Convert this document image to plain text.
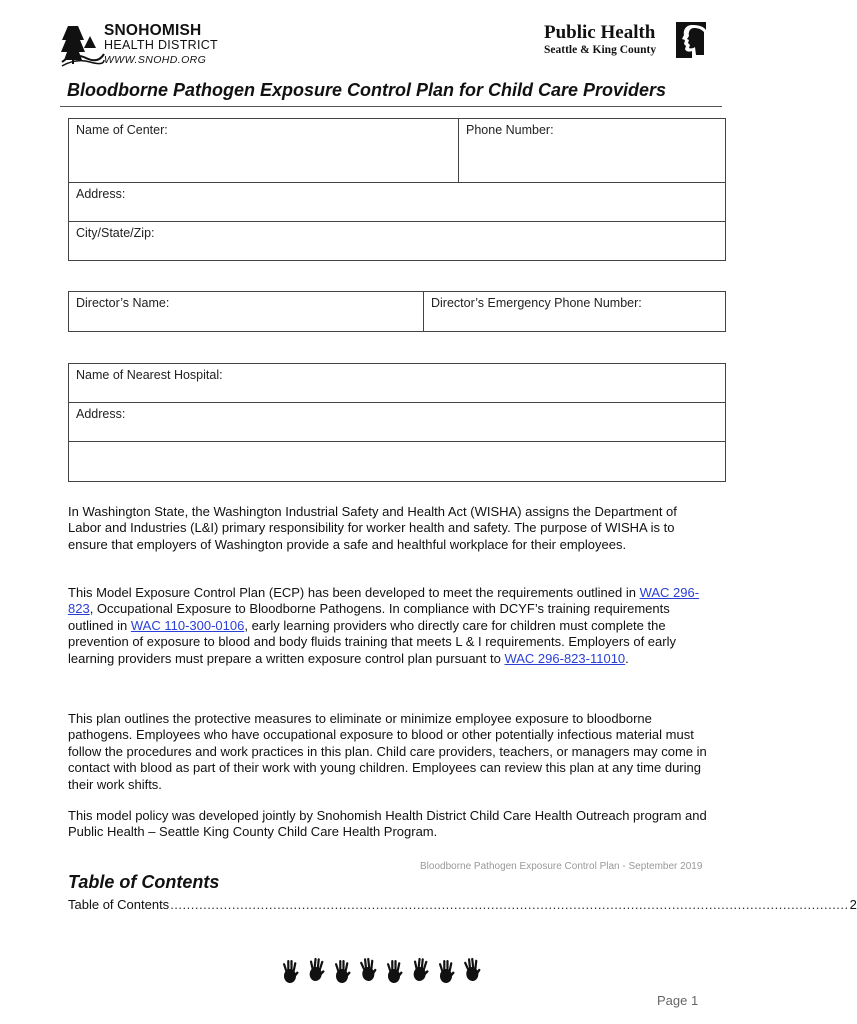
SNOHOMISH
HEALTH DISTRICT
WWW.SNOHD.ORG
Public Health
Seattle & King County
Bloodborne Pathogen Exposure Control Plan for Child Care Providers
Name of Center:	Phone Number:
Address:
City/State/Zip:
Director’s Name:	Director’s Emergency Phone Number:
Name of Nearest Hospital:
Address:

In Washington State, the Washington Industrial Safety and Health Act (WISHA) assigns the Department of Labor and Industries (L&I) primary responsibility for worker health and safety. The purpose of WISHA is to ensure that employers of Washington provide a safe and healthful workplace for their employees.

This Model Exposure Control Plan (ECP) has been developed to meet the requirements outlined in WAC 296-823, Occupational Exposure to Bloodborne Pathogens. In compliance with DCYF’s training requirements outlined in WAC 110-300-0106, early learning providers who directly care for children must complete the prevention of exposure to blood and body fluids training that meets L & I requirements. Employers of early learning providers must prepare a written exposure control plan pursuant to WAC 296-823-11010.

This plan outlines the protective measures to eliminate or minimize employee exposure to bloodborne pathogens. Employees who have occupational exposure to blood or other potentially infectious material must follow the procedures and work practices in this plan. Child care providers, teachers, or managers may come in contact with blood as part of their work with young children. Employees can review this plan at any time during their work shifts.

This model policy was developed jointly by Snohomish Health District Child Care Health Outreach program and Public Health – Seattle King County Child Care Health Program.

Bloodborne Pathogen Exposure Control Plan - September 2019
Table of Contents
Table of Contents ..................................................................................................................................................................... 2
Page 1
